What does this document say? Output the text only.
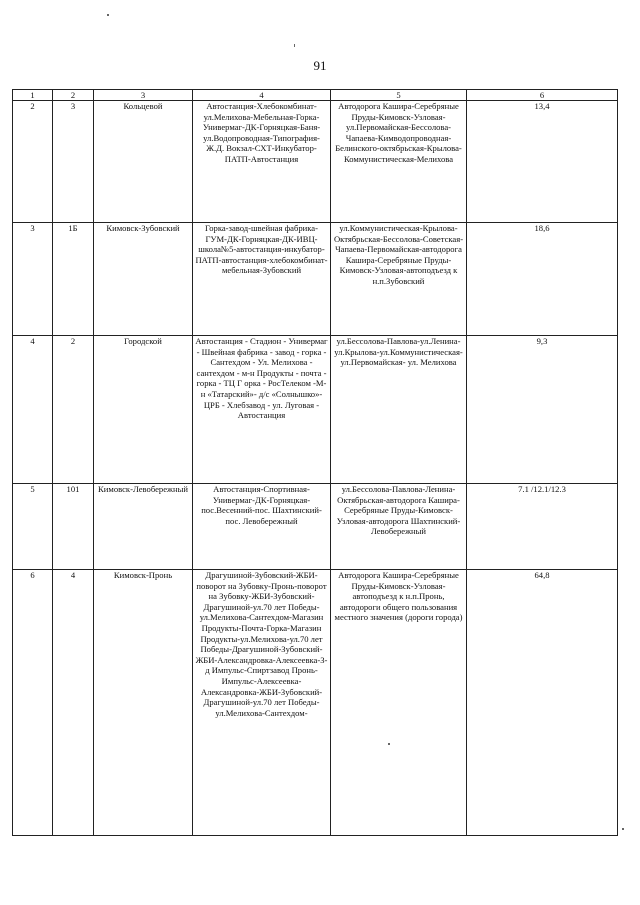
91
1	2	3	4	5	6
2	3	Кольцевой	Автостанция-Хлебокомбинат-ул.Мелихова-Мебельная-Горка-Универмаг-ДК-Горняцкая-Баня-ул.Водопроводная-Типография-Ж.Д. Вокзал-СХТ-Инкубатор-ПАТП-Автостанция	Автодорога Кашира-Серебряные Пруды-Кимовск-Узловая-ул.Первомайская-Бессолова-Чапаева-Кимводопроводная-Белинского-октябрьская-Крылова-Коммунистическая-Мелихова	13,4
3	1Б	Кимовск-Зубовский	Горка-завод-швейная фабрика-ГУМ-ДК-Горняцкая-ДК-ИВЦ-школа№5-автостанция-инкубатор-ПАТП-автостанция-хлебокомбинат-мебельная-Зубовский	ул.Коммунистическая-Крылова-Октябрьская-Бессолова-Советская-Чапаева-Первомайская-автодорога Кашира-Серебряные Пруды-Кимовск-Узловая-автоподъезд к н.п.Зубовский	18,6
4	2	Городской	Автостанция - Стадион - Универмаг - Швейная фабрика - завод - горка - Сантехдом - Ул. Мелихова - сантехдом - м-н Продукты - почта - горка - ТЦ Г орка - РосТелеком -М-н «Татарский»- д/с «Солнышко»- ЦРБ - Хлебзавод - ул. Луговая - Автостанция	ул.Бессолова-Павлова-ул.Ленина- ул.Крылова-ул.Коммунистическая-ул.Первомайская- ул. Мелихова	9,3
5	101	Кимовск-Левобережный	Автостанция-Спортивная-Универмаг-ДК-Горняцкая-пос.Весенний-пос. Шахтинский-пос. Левобережный	ул.Бессолова-Павлова-Ленина-Октябрьская-автодорога Кашира-Серебряные Пруды-Кимовск-Узловая-автодорога Шахтинский-Левобережный	7.1 /12.1/12.3
6	4	Кимовск-Пронь	Драгушиной-Зубовский-ЖБИ-поворот на Зубовку-Пронь-поворот на Зубовку-ЖБИ-Зубовский-Драгушиной-ул.70 лет Победы-ул.Мелихова-Сантехдом-Магазин Продукты-Почта-Горка-Магазин Продукты-ул.Мелихова-ул.70 лет Победы-Драгушиной-Зубовский-ЖБИ-Александровка-Алексеевка-З-д Импульс-Спиртзавод Пронь-Импульс-Алексеевка-Александровка-ЖБИ-Зубовский-Драгушиной-ул.70 лет Победы-ул.Мелихова-Сантехдом-	Автодорога Кашира-Серебряные Пруды-Кимовск-Узловая-автоподъезд к н.п.Пронь, автодороги общего пользования местного значения (дороги города)	64,8
